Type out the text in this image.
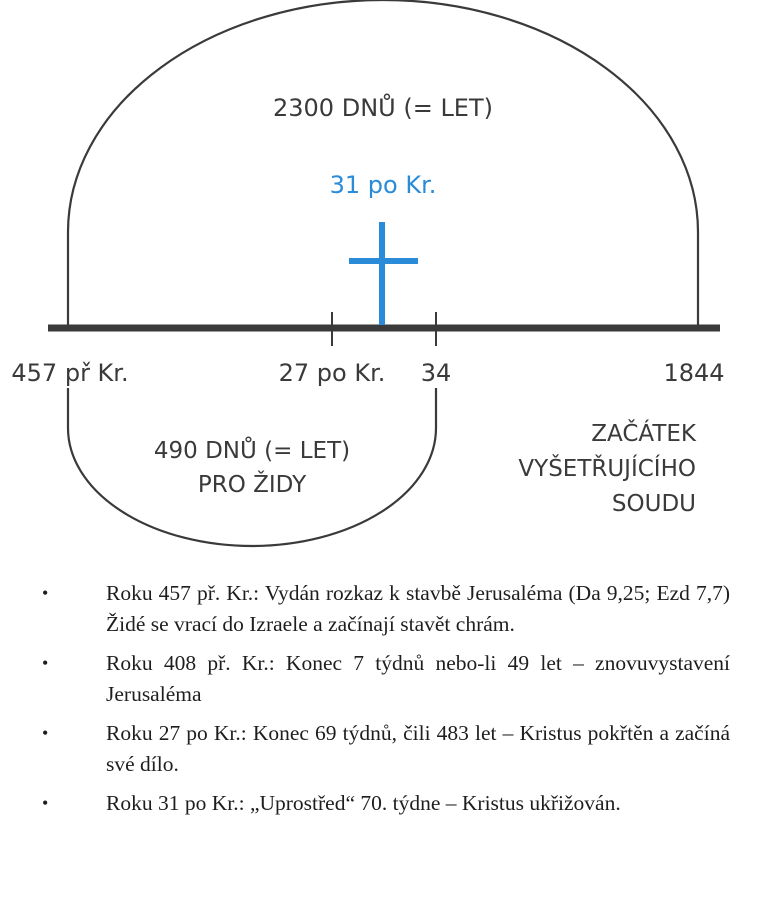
2300 DNŮ (= LET)
31 po Kr.
457 př Kr.	27 po Kr. 34	1844
490 DNŮ (= LET)
PRO ŽIDY
ZAČÁTEK
VYŠETŘUJÍCÍHO
SOUDU
•	Roku 457 př. Kr.: Vydán rozkaz k stavbě Jerusaléma (Da 9,25; Ezd 7,7) Židé se vrací do Izraele a začínají stavět chrám.
•	Roku 408 př. Kr.: Konec 7 týdnů nebo-li 49 let – znovuvystavení Jerusaléma
•	Roku 27 po Kr.: Konec 69 týdnů, čili 483 let – Kristus pokřtěn a začíná své dílo.
•	Roku 31 po Kr.: „Uprostřed“ 70. týdne – Kristus ukřižován.
